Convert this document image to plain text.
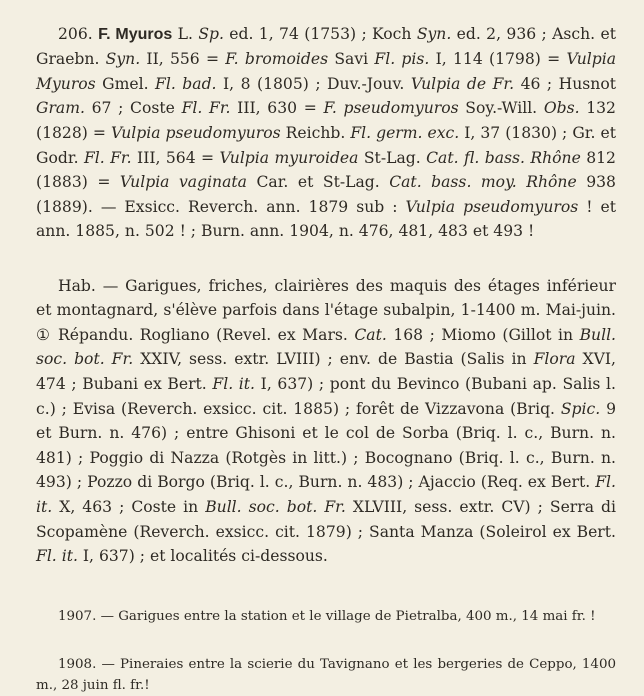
206. F. Myuros L. Sp. ed. 1, 74 (1753) ; Koch Syn. ed. 2, 936 ; Asch. et Graebn. Syn. II, 556 = F. bromoides Savi Fl. pis. I, 114 (1798) = Vulpia Myuros Gmel. Fl. bad. I, 8 (1805) ; Duv.-Jouv. Vulpia de Fr. 46 ; Husnot Gram. 67 ; Coste Fl. Fr. III, 630 = F. pseudomyuros Soy.-Will. Obs. 132 (1828) = Vulpia pseudomyuros Reichb. Fl. germ. exc. I, 37 (1830) ; Gr. et Godr. Fl. Fr. III, 564 = Vulpia myuroidea St-Lag. Cat. fl. bass. Rhône 812 (1883) = Vulpia vaginata Car. et St-Lag. Cat. bass. moy. Rhône 938 (1889). — Exsicc. Reverch. ann. 1879 sub : Vulpia pseudomyuros ! et ann. 1885, n. 502 ! ; Burn. ann. 1904, n. 476, 481, 483 et 493 !

Hab. — Garigues, friches, clairières des maquis des étages inférieur et montagnard, s'élève parfois dans l'étage subalpin, 1-1400 m. Mai-juin. ① Répandu. Rogliano (Revel. ex Mars. Cat. 168 ; Miomo (Gillot in Bull. soc. bot. Fr. XXIV, sess. extr. LVIII) ; env. de Bastia (Salis in Flora XVI, 474 ; Bubani ex Bert. Fl. it. I, 637) ; pont du Bevinco (Bubani ap. Salis l. c.) ; Evisa (Reverch. exsicc. cit. 1885) ; forêt de Vizzavona (Briq. Spic. 9 et Burn. n. 476) ; entre Ghisoni et le col de Sorba (Briq. l. c., Burn. n. 481) ; Poggio di Nazza (Rotgès in litt.) ; Bocognano (Briq. l. c., Burn. n. 493) ; Pozzo di Borgo (Briq. l. c., Burn. n. 483) ; Ajaccio (Req. ex Bert. Fl. it. X, 463 ; Coste in Bull. soc. bot. Fr. XLVIII, sess. extr. CV) ; Serra di Scopamène (Reverch. exsicc. cit. 1879) ; Santa Manza (Soleirol ex Bert. Fl. it. I, 637) ; et localités ci-dessous.

1907. — Garigues entre la station et le village de Pietralba, 400 m., 14 mai fr. !

1908. — Pineraies entre la scierie du Tavignano et les bergeries de Ceppo, 1400 m., 28 juin fl. fr.!
